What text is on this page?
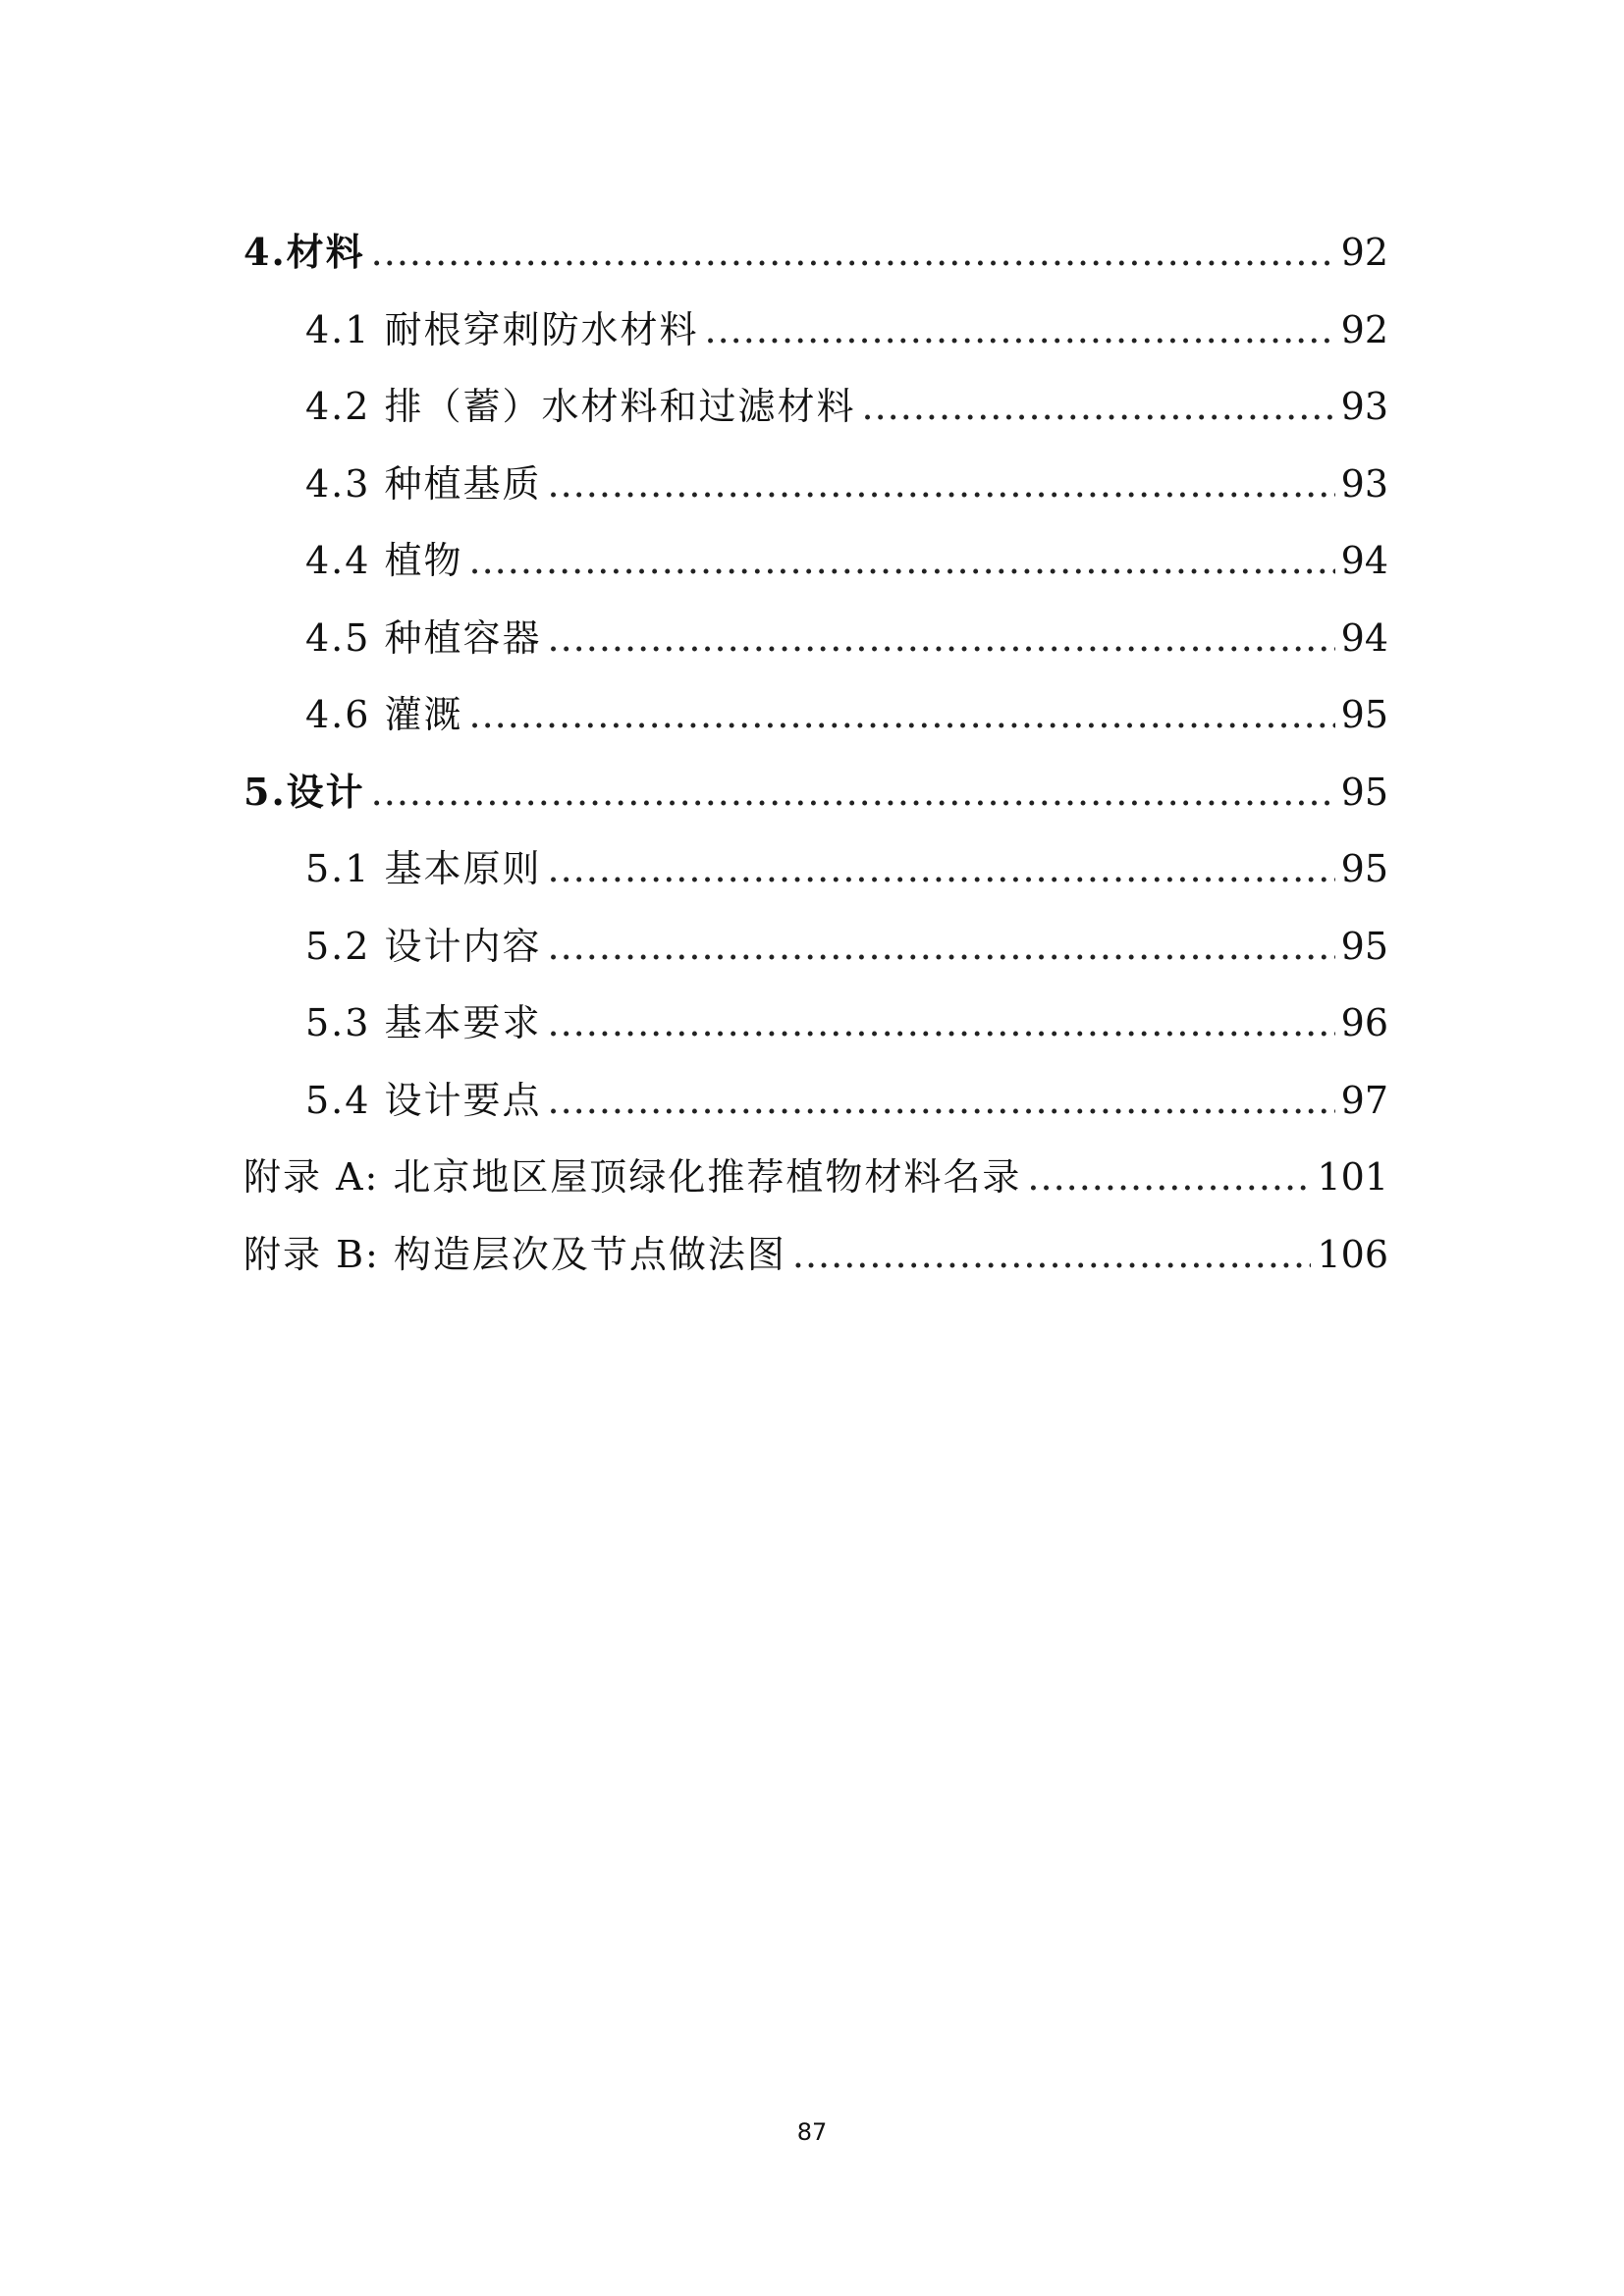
4.材料 .....	92
4.1 耐根穿刺防水材料 .....	92
4.2 排（蓄）水材料和过滤材料 .....	93
4.3 种植基质 .....	93
4.4 植物 .....	94
4.5 种植容器 .....	94
4.6 灌溉 .....	95
5.设计 .....	95
5.1 基本原则 .....	95
5.2 设计内容 .....	95
5.3 基本要求 .....	96
5.4 设计要点 .....	97
附录 A: 北京地区屋顶绿化推荐植物材料名录 .....	101
附录 B: 构造层次及节点做法图 .....	106
87
